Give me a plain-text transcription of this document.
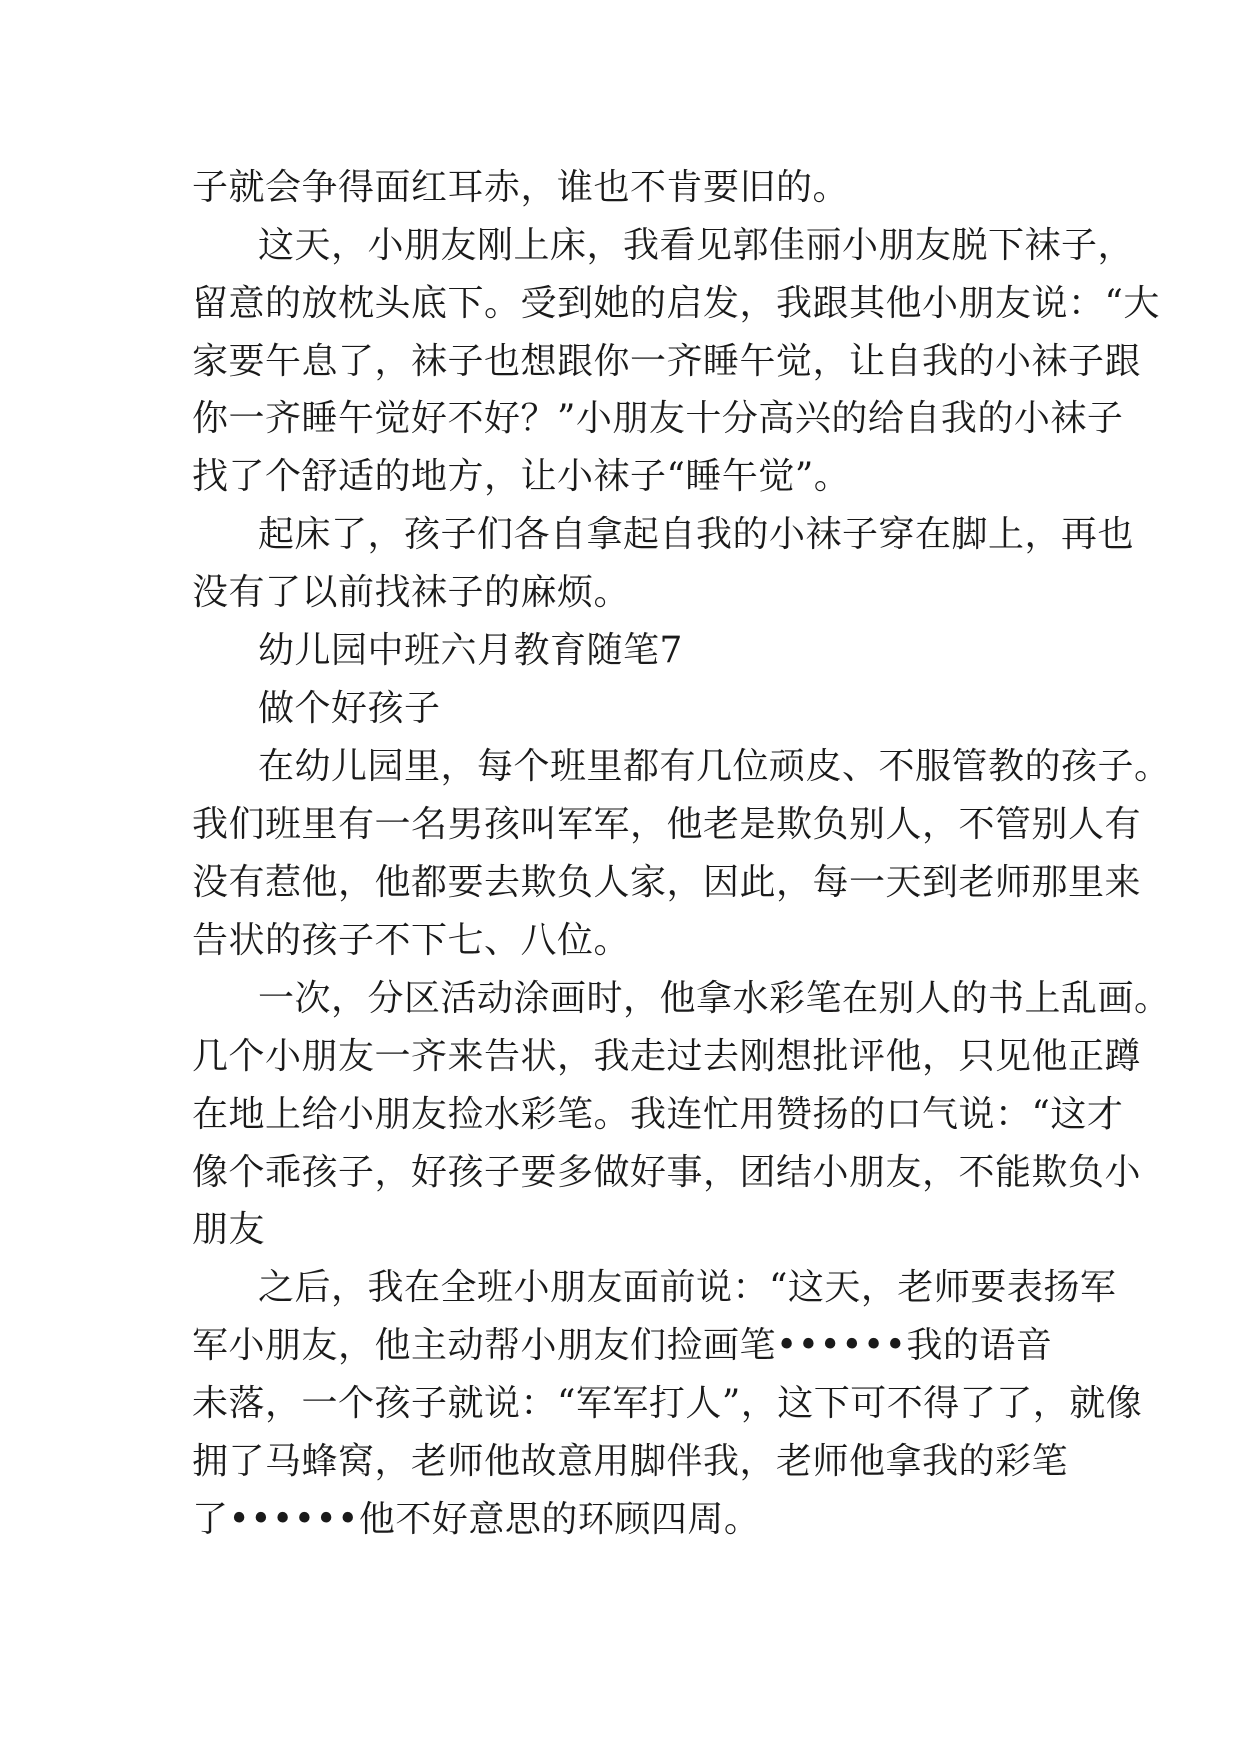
子就会争得面红耳赤，谁也不肯要旧的。
这天，小朋友刚上床，我看见郭佳丽小朋友脱下袜子，
留意的放枕头底下。受到她的启发，我跟其他小朋友说：“大
家要午息了，袜子也想跟你一齐睡午觉，让自我的小袜子跟
你一齐睡午觉好不好？”小朋友十分高兴的给自我的小袜子
找了个舒适的地方，让小袜子“睡午觉”。
起床了，孩子们各自拿起自我的小袜子穿在脚上，再也
没有了以前找袜子的麻烦。
幼儿园中班六月教育随笔7
做个好孩子
在幼儿园里，每个班里都有几位顽皮、不服管教的孩子。
我们班里有一名男孩叫军军，他老是欺负别人，不管别人有
没有惹他，他都要去欺负人家，因此，每一天到老师那里来
告状的孩子不下七、八位。
一次，分区活动涂画时，他拿水彩笔在别人的书上乱画。
几个小朋友一齐来告状，我走过去刚想批评他，只见他正蹲
在地上给小朋友捡水彩笔。我连忙用赞扬的口气说：“这才
像个乖孩子，好孩子要多做好事，团结小朋友，不能欺负小
朋友
之后，我在全班小朋友面前说：“这天，老师要表扬军
军小朋友，他主动帮小朋友们捡画笔••••••我的语音
未落，一个孩子就说：“军军打人”，这下可不得了了，就像
拥了马蜂窝，老师他故意用脚伴我，老师他拿我的彩笔
了••••••他不好意思的环顾四周。
